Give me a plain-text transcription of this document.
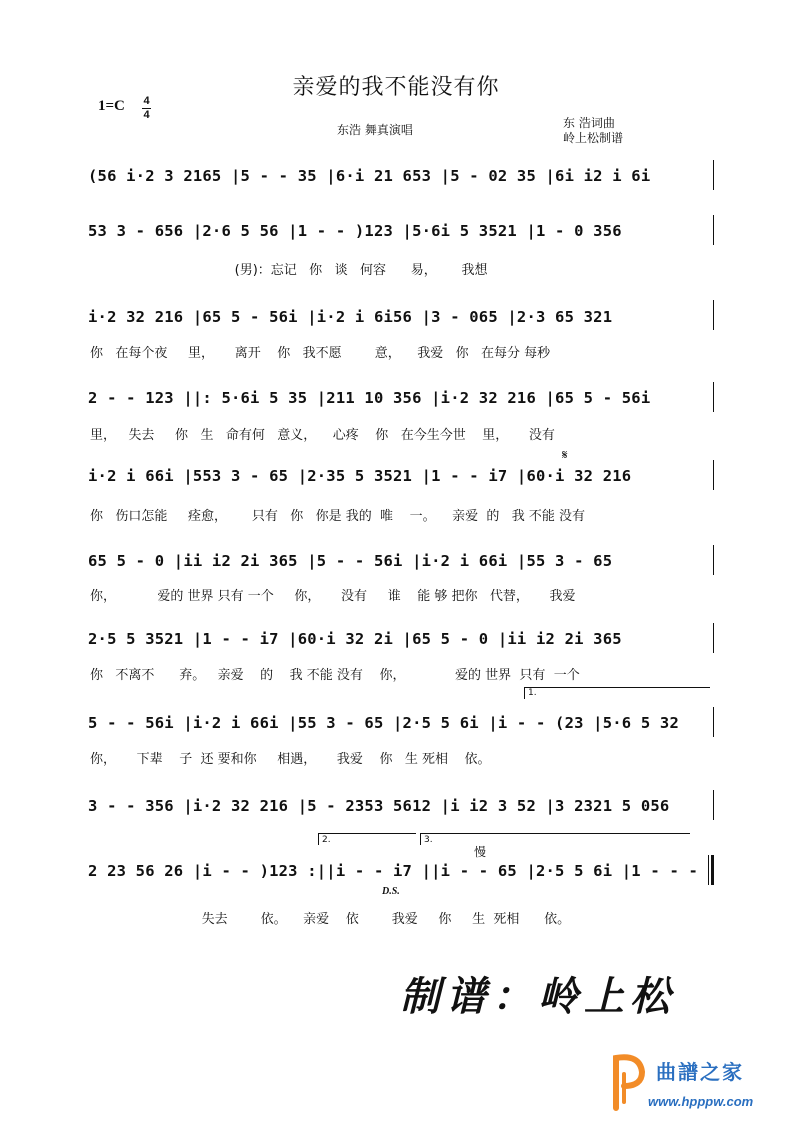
亲爱的我不能没有你
1=C 4
4
东浩 舞真演唱	东 浩词曲
岭上松制谱
(56 i·2 3 2165 |5 - - 35 |6·i 21 653 |5 - 02 35 |6i i2 i 6i
53 3 - 656 |2·6 5 56 |1 - - )123 |5·6i 5 3521 |1 - 0 356
(男)：忘记   你   谈   何容      易，      我想
i·2 32 216 |65 5 - 56i |i·2 i 6i56 |3 - 065 |2·3 65 321
你   在每个夜     里，     离开    你   我不愿        意，    我爱   你   在每分 每秒
2 - - 123 ||: 5·6i 5 35 |211 10 356 |i·2 32 216 |65 5 - 56i
里，   失去     你   生   命有何   意义，    心疼    你   在今生今世    里，     没有
i·2 i 66i |553 3 - 65 |2·35 5 3521 |1 - - i7 |60·i 32 216
你   伤口怎能     痊愈，      只有   你   你是 我的  唯    一。    亲爱  的   我 不能 没有
65 5 - 0 |ii i2 2i 365 |5 - - 56i |i·2 i 66i |55 3 - 65
你，          爱的 世界 只有 一个     你，     没有     谁    能 够 把你   代替，     我爱
2·5 5 3521 |1 - - i7 |60·i 32 2i |65 5 - 0 |ii i2 2i 365
你   不离不      弃。   亲爱    的    我 不能 没有    你，            爱的 世界  只有  一个
5 - - 56i |i·2 i 66i |55 3 - 65 |2·5 5 6i |i - - (23 |5·6 5 32
你，     下辈    子  还 要和你     相遇，     我爱    你   生 死相    依。
3 - - 356 |i·2 32 216 |5 - 2353 5612 |i i2 3 52 |3 2321 5 056
2 23 56 26 |i - - )123 :||i - - i7 ||i - - 65 |2·5 5 6i |1 - - -
失去        依。    亲爱    依        我爱     你     生  死相      依。
1.
2.	3.
D.S.
慢
𝄋
制谱：岭上松
曲譜之家
www.hpppw.com
